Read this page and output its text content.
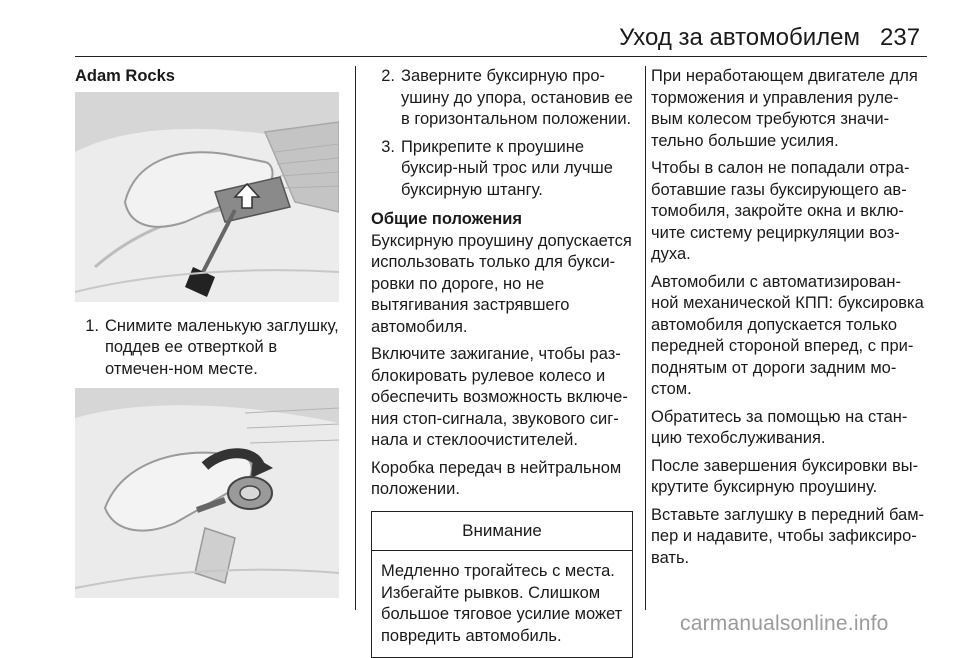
Уход за автомобилем 237
Adam Rocks
1. Снимите маленькую заглушку, поддев ее отверткой в отмечен-ном месте.
2. Заверните буксирную про-ушину до упора, остановив ее в горизонтальном положении.
3. Прикрепите к проушине буксир-ный трос или лучше буксирную штангу.
Общие положения

Буксирную проушину допускается использовать только для букси-ровки по дороге, но не вытягивания застрявшего автомобиля.

Включите зажигание, чтобы раз-блокировать рулевое колесо и обеспечить возможность включе-ния стоп-сигнала, звукового сиг-нала и стеклоочистителей.

Коробка передач в нейтральном положении.

Внимание
Медленно трогайтесь с места. Избегайте рывков. Слишком большое тяговое усилие может повредить автомобиль.

При неработающем двигателе для торможения и управления руле-вым колесом требуются значи-тельно большие усилия.

Чтобы в салон не попадали отра-ботавшие газы буксирующего ав-томобиля, закройте окна и вклю-чите систему рециркуляции воз-духа.

Автомобили с автоматизирован-ной механической КПП: буксировка автомобиля допускается только передней стороной вперед, с при-поднятым от дороги задним мо-стом.

Обратитесь за помощью на стан-цию техобслуживания.

После завершения буксировки вы-крутите буксирную проушину.

Вставьте заглушку в передний бам-пер и надавите, чтобы зафиксиро-вать.

carmanualsonline.info
